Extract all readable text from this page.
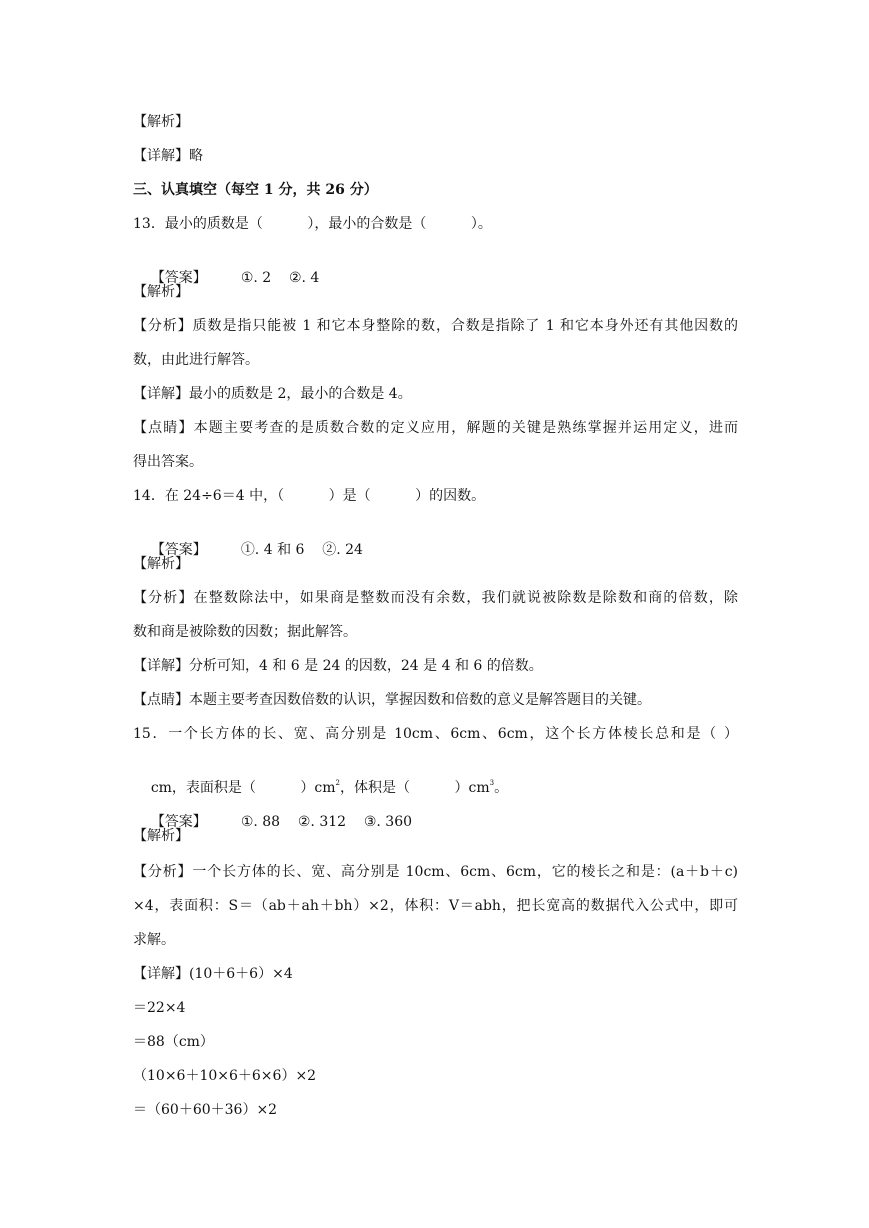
【解析】
【详解】略
三、认真填空（每空 1 分，共 26 分）
13．最小的质数是（          ），最小的合数是（          ）。

【答案】 ①. 2    ②. 4

【解析】
【分析】质数是指只能被 1 和它本身整除的数，合数是指除了 1 和它本身外还有其他因数的
数，由此进行解答。
【详解】最小的质数是 2，最小的合数是 4。
【点睛】本题主要考查的是质数合数的定义应用，解题的关键是熟练掌握并运用定义，进而
得出答案。
14．在 24÷6＝4 中，（          ）是（          ）的因数。

【答案】 ①. 4 和 6    ②. 24

【解析】
【分析】在整数除法中，如果商是整数而没有余数，我们就说被除数是除数和商的倍数，除
数和商是被除数的因数；据此解答。
【详解】分析可知，4 和 6 是 24 的因数，24 是 4 和 6 的倍数。
【点睛】本题主要考查因数倍数的认识，掌握因数和倍数的意义是解答题目的关键。
15．一个长方体的长、宽、高分别是 10cm、6cm、6cm，这个长方体棱长总和是（ ）

cm，表面积是（          ）$cm^2$，体积是（          ）$cm^3$。

【答案】 ①. 88    ②. 312    ③. 360

【解析】
【分析】一个长方体的长、宽、高分别是 10cm、6cm、6cm，它的棱长之和是：(a＋b＋c)
×4，表面积：S＝（ab＋ah＋bh）×2，体积：V＝abh，把长宽高的数据代入公式中，即可
求解。
【详解】(10＋6＋6）×4
＝22×4
＝88（cm）
（10×6＋10×6＋6×6）×2
＝（60＋60＋36）×2
